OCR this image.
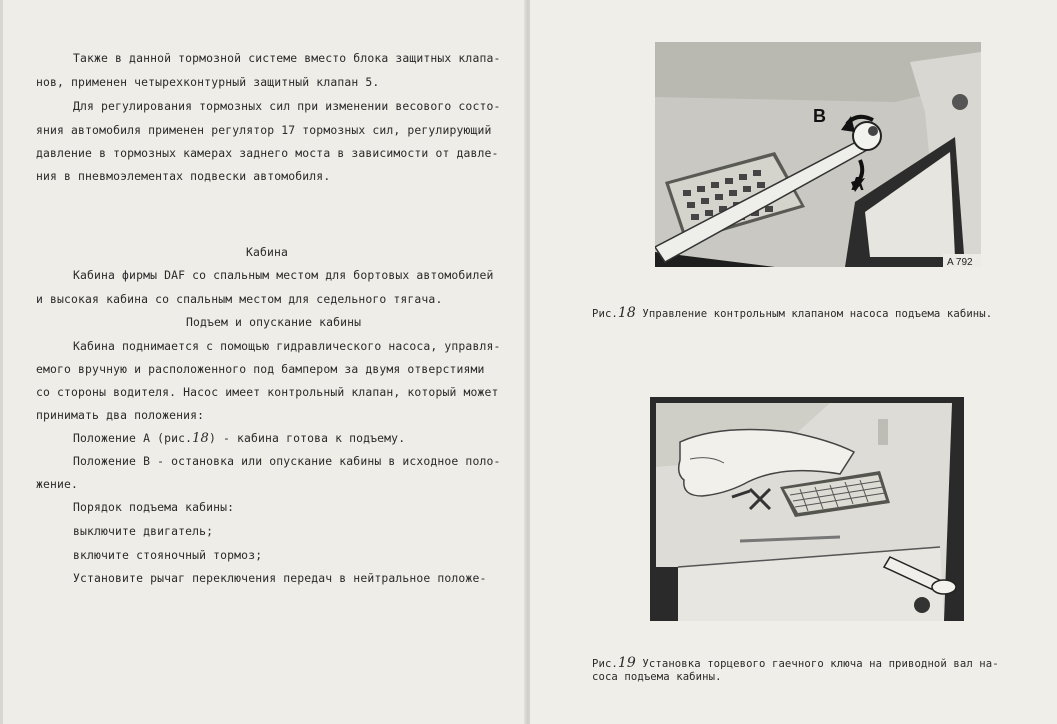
Также в данной тормозной системе вместо блока защитных клапа-
нов, применен четырехконтурный защитный клапан 5.
Для регулирования тормозных сил при изменении весового состо-
яния автомобиля применен регулятор 17 тормозных сил, регулирующий
давление в тормозных камерах заднего моста в зависимости от давле-
ния в пневмоэлементах подвески автомобиля.
Кабина
Кабина фирмы DAF со спальным местом для бортовых автомобилей
и высокая кабина со спальным местом для седельного тягача.
Подъем и опускание кабины
Кабина поднимается с помощью гидравлического насоса, управля-
емого вручную и расположенного под бампером за двумя отверстиями
со стороны водителя. Насос имеет контрольный клапан, который может
принимать два положения:
Положение А (рис.18) - кабина готова к подъему.
Положение В - остановка или опускание кабины в исходное поло-
жение.
Порядок подъема кабины:
выключите двигатель;
включите стояночный тормоз;
Установите рычаг переключения передач в нейтральное положе-
B
A
A 792
Рис.18 Управление контрольным клапаном насоса подъема кабины.
Рис.19 Установка торцевого гаечного ключа на приводной вал на-
соса подъема кабины.
